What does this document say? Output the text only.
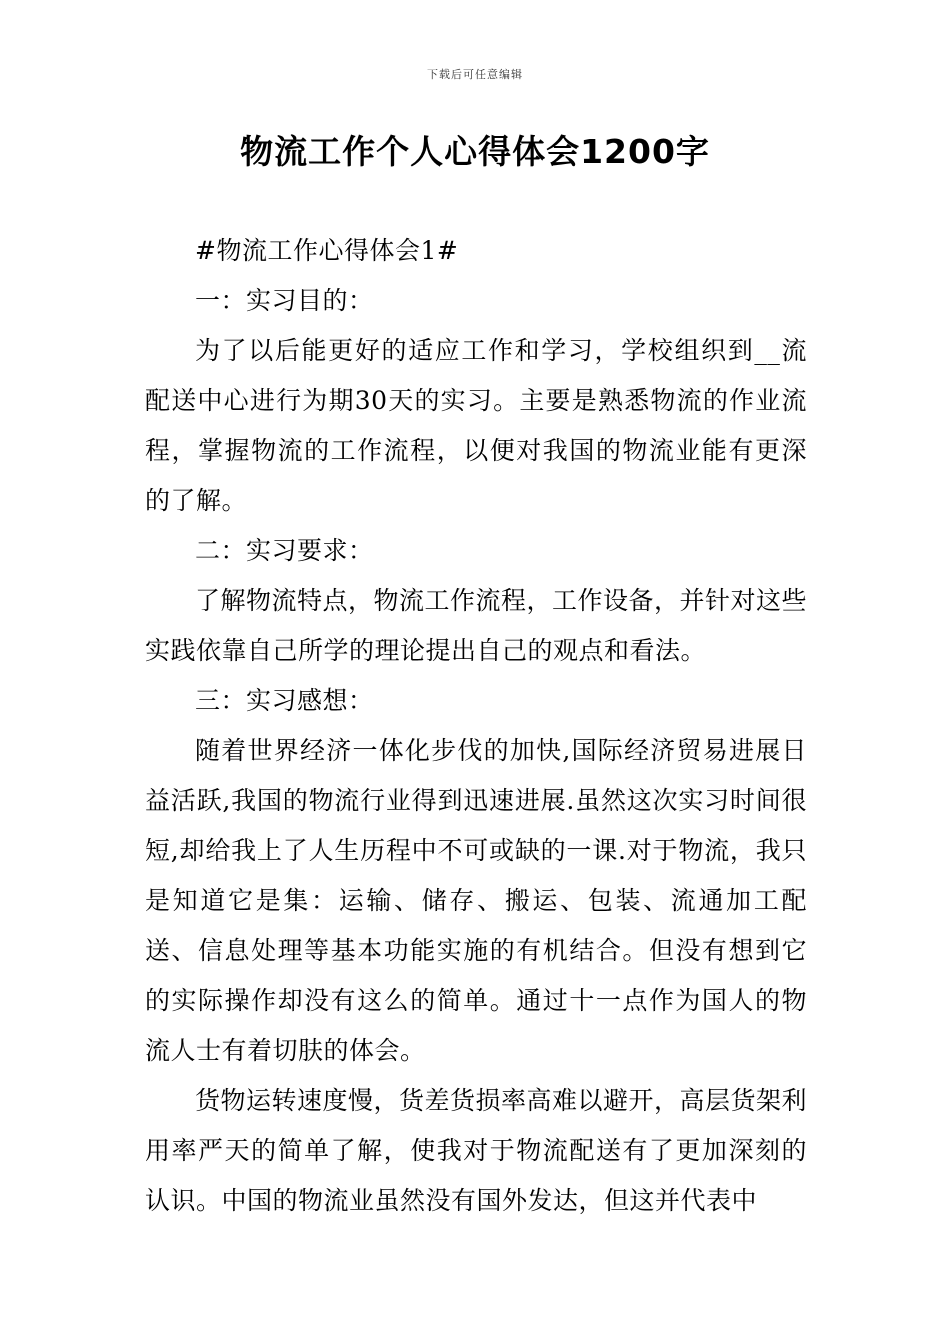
下载后可任意编辑
物流工作个人心得体会1200字

#物流工作心得体会1#

一：实习目的：

为了以后能更好的适应工作和学习，学校组织到__流配送中心进行为期30天的实习。主要是熟悉物流的作业流程，掌握物流的工作流程，以便对我国的物流业能有更深的了解。

二：实习要求：

了解物流特点，物流工作流程，工作设备，并针对这些实践依靠自己所学的理论提出自己的观点和看法。

三：实习感想：

随着世界经济一体化步伐的加快,国际经济贸易进展日益活跃,我国的物流行业得到迅速进展.虽然这次实习时间很短,却给我上了人生历程中不可或缺的一课.对于物流，我只是知道它是集：运输、储存、搬运、包装、流通加工配送、信息处理等基本功能实施的有机结合。但没有想到它的实际操作却没有这么的简单。通过十一点作为国人的物流人士有着切肤的体会。

货物运转速度慢，货差货损率高难以避开，高层货架利用率严天的简单了解，使我对于物流配送有了更加深刻的认识。中国的物流业虽然没有国外发达，但这并代表中
